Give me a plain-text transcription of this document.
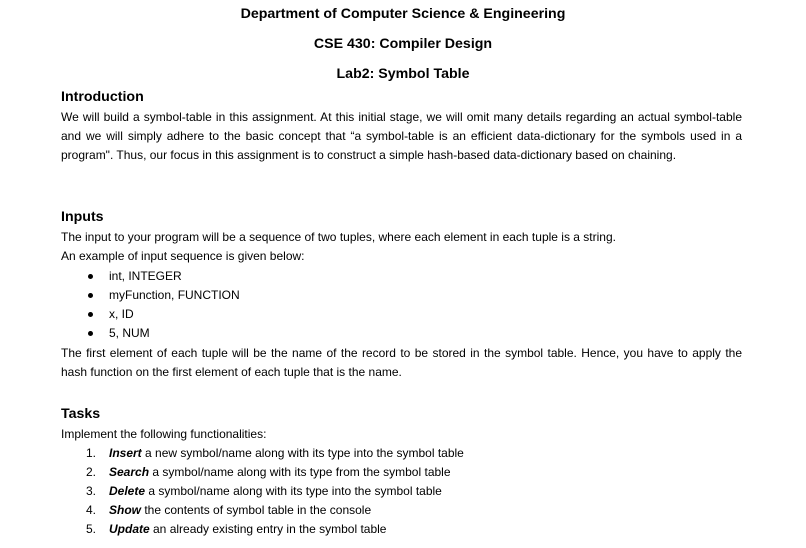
Department of Computer Science & Engineering
CSE 430: Compiler Design
Lab2: Symbol Table
Introduction
We will build a symbol-table in this assignment. At this initial stage, we will omit many details regarding an actual symbol-table and we will simply adhere to the basic concept that “a symbol-table is an efficient data-dictionary for the symbols used in a program". Thus, our focus in this assignment is to construct a simple hash-based data-dictionary based on chaining.
Inputs
The input to your program will be a sequence of two tuples, where each element in each tuple is a string.
An example of input sequence is given below:
int, INTEGER
myFunction, FUNCTION
x, ID
5, NUM
The first element of each tuple will be the name of the record to be stored in the symbol table. Hence, you have to apply the hash function on the first element of each tuple that is the name.
Tasks
Implement the following functionalities:
1. Insert a new symbol/name along with its type into the symbol table
2. Search a symbol/name along with its type from the symbol table
3. Delete a symbol/name along with its type into the symbol table
4. Show the contents of symbol table in the console
5. Update an already existing entry in the symbol table
